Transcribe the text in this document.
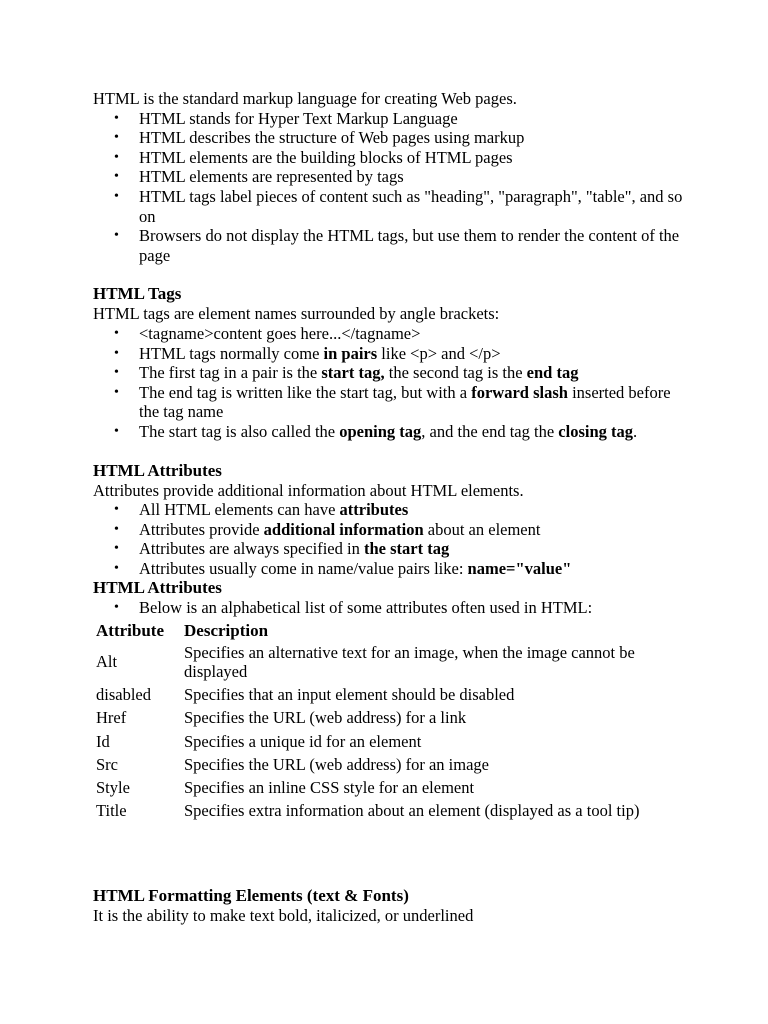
HTML is the standard markup language for creating Web pages.

• HTML stands for Hyper Text Markup Language
• HTML describes the structure of Web pages using markup
• HTML elements are the building blocks of HTML pages
• HTML elements are represented by tags
• HTML tags label pieces of content such as "heading", "paragraph", "table", and so on
• Browsers do not display the HTML tags, but use them to render the content of the page
HTML Tags

HTML tags are element names surrounded by angle brackets:

• <tagname>content goes here...</tagname>
• HTML tags normally come in pairs like <p> and </p>
• The first tag in a pair is the start tag, the second tag is the end tag
• The end tag is written like the start tag, but with a forward slash inserted before the tag name
• The start tag is also called the opening tag, and the end tag the closing tag.
HTML Attributes

Attributes provide additional information about HTML elements.

• All HTML elements can have attributes
• Attributes provide additional information about an element
• Attributes are always specified in the start tag
• Attributes usually come in name/value pairs like: name="value"
HTML Attributes
• Below is an alphabetical list of some attributes often used in HTML:
Attribute	Description
Alt	Specifies an alternative text for an image, when the image cannot be displayed
disabled	Specifies that an input element should be disabled
Href	Specifies the URL (web address) for a link
Id	Specifies a unique id for an element
Src	Specifies the URL (web address) for an image
Style	Specifies an inline CSS style for an element
Title	Specifies extra information about an element (displayed as a tool tip)
HTML Formatting Elements (text & Fonts)

It is the ability to make text bold, italicized, or underlined
